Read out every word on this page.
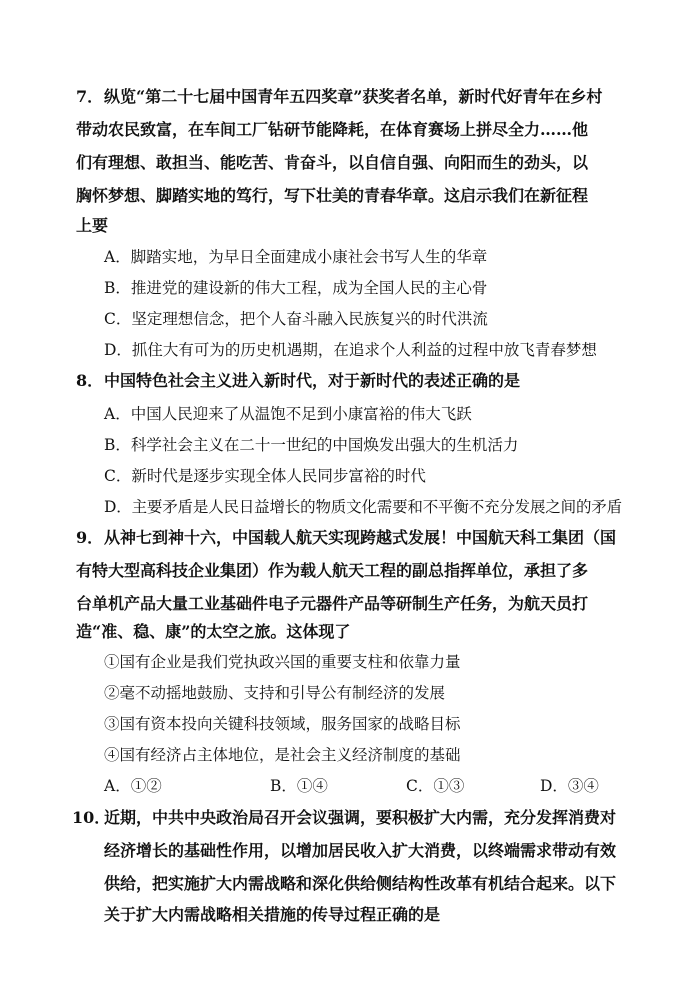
7． 纵览“第二十七届中国青年五四奖章”获奖者名单，新时代好青年在乡村
带动农民致富，在车间工厂钻研节能降耗，在体育赛场上拼尽全力……他
们有理想、敢担当、能吃苦、肯奋斗，以自信自强、向阳而生的劲头，以
胸怀梦想、脚踏实地的笃行，写下壮美的青春华章。这启示我们在新征程
上要
A．脚踏实地，为早日全面建成小康社会书写人生的华章
B．推进党的建设新的伟大工程，成为全国人民的主心骨
C．坚定理想信念，把个人奋斗融入民族复兴的时代洪流
D．抓住大有可为的历史机遇期，在追求个人利益的过程中放飞青春梦想
8． 中国特色社会主义进入新时代，对于新时代的表述正确的是
A．中国人民迎来了从温饱不足到小康富裕的伟大飞跃
B．科学社会主义在二十一世纪的中国焕发出强大的生机活力
C．新时代是逐步实现全体人民同步富裕的时代
D．主要矛盾是人民日益增长的物质文化需要和不平衡不充分发展之间的矛盾
9． 从神七到神十六，中国载人航天实现跨越式发展！中国航天科工集团（国
有特大型高科技企业集团）作为载人航天工程的副总指挥单位，承担了多
台单机产品大量工业基础件电子元器件产品等研制生产任务，为航天员打
造“准、稳、康”的太空之旅。这体现了
①国有企业是我们党执政兴国的重要支柱和依靠力量
②毫不动摇地鼓励、支持和引导公有制经济的发展
③国有资本投向关键科技领域，服务国家的战略目标
④国有经济占主体地位，是社会主义经济制度的基础
A．①②	B．①④	C．①③	D．③④
10．
近期，中共中央政治局召开会议强调，要积极扩大内需，充分发挥消费对
经济增长的基础性作用，以增加居民收入扩大消费，以终端需求带动有效
供给，把实施扩大内需战略和深化供给侧结构性改革有机结合起来。以下
关于扩大内需战略相关措施的传导过程正确的是
